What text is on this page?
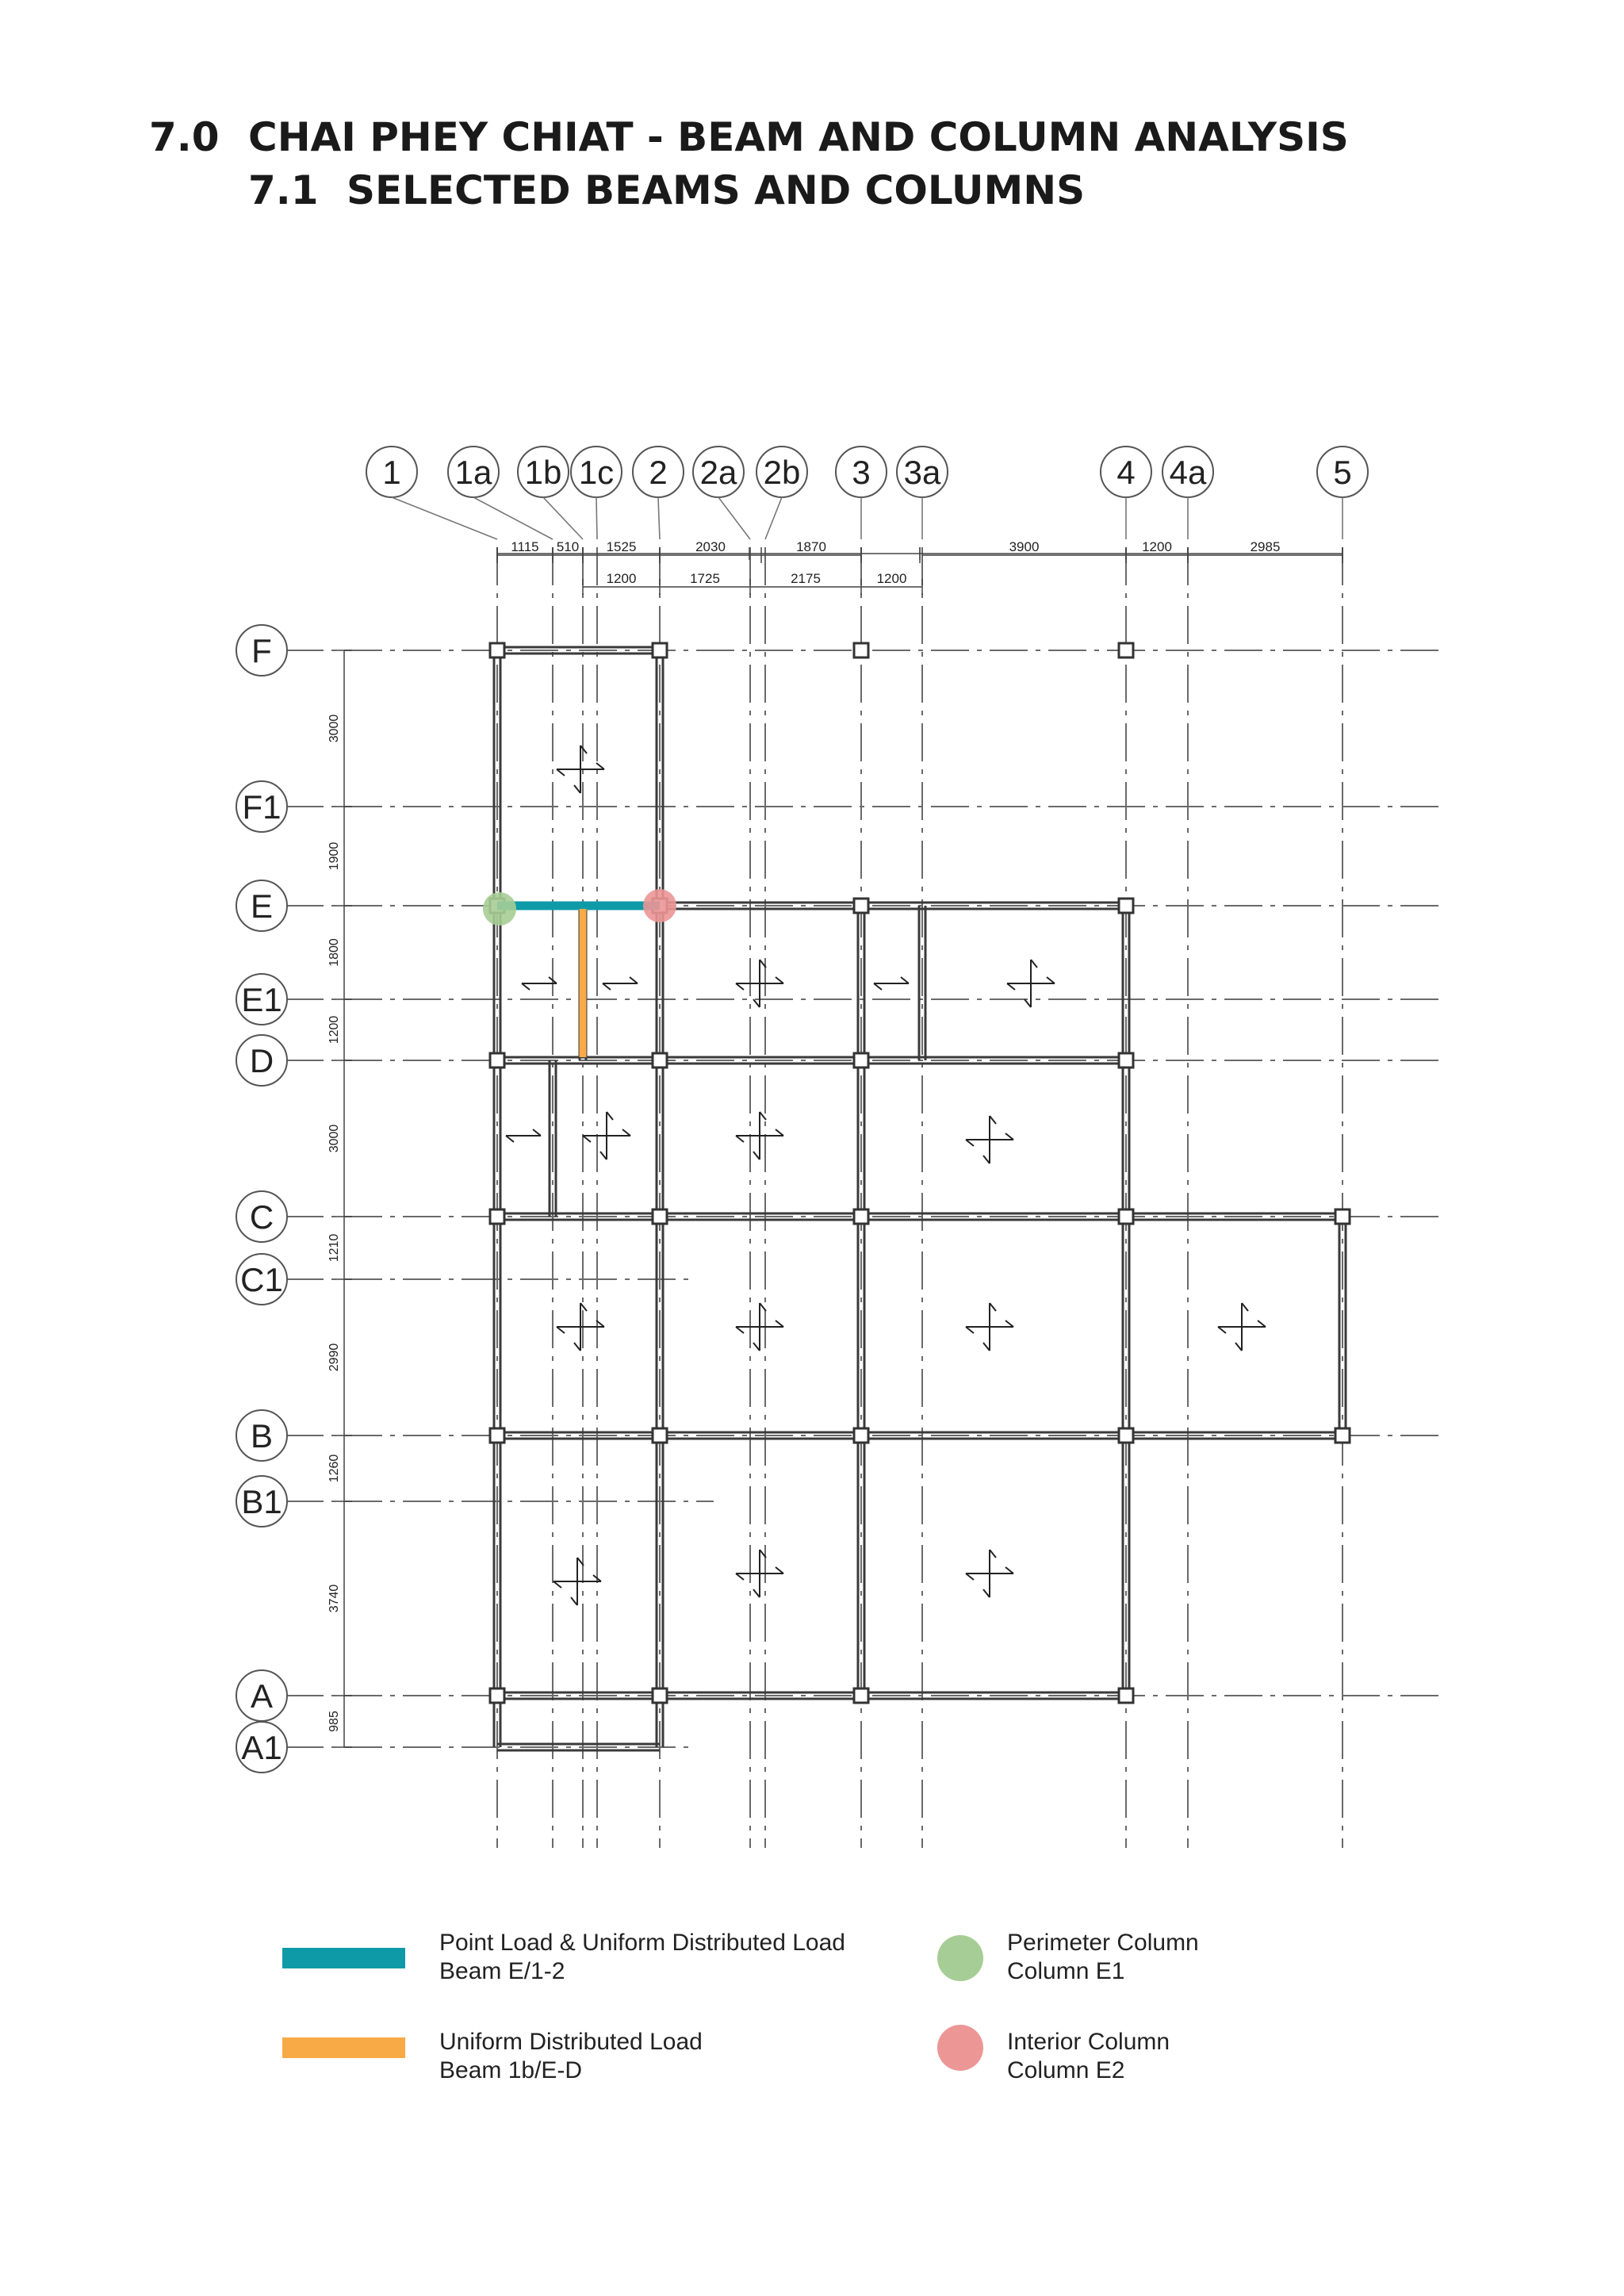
7.0 CHAI PHEY CHIAT - BEAM AND COLUMN ANALYSIS
7.1 SELECTED BEAMS AND COLUMNS
1 1a 1b 1c 2 2a 2b 3 3a	4 4a	5
F
F1
E
E1
D
C
C1
B
B1
A
A1
1115 510 1525	2030	1870	3900	1200	2985
1200	1725	2175	1200
3000
1900
1800
1200
3000
1210
2990
1260
3740
985
Point Load & Uniform Distributed Load
Beam E/1-2
Uniform Distributed Load
Beam 1b/E-D
Perimeter Column
Column E1
Interior Column
Column E2
